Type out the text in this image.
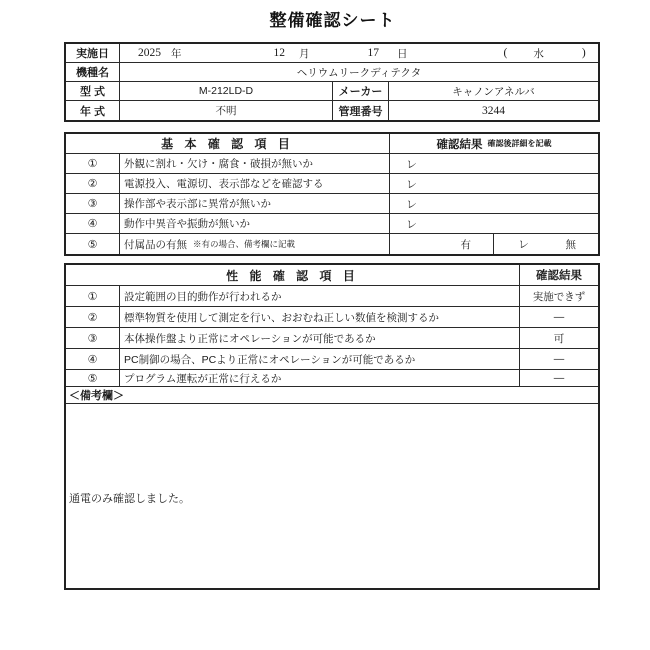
整備確認シート
実施日	2025 年	12 月	17 日	( 水	)
機種名	ヘリウムリークディテクタ
型 式	M-212LD-D	メーカー	キャノンアネルバ
年 式	不明	管理番号	3244
基 本 確 認 項 目	確認結果 確認後詳細を記載
①	外観に割れ・欠け・腐食・破損が無いか	レ
②	電源投入、電源切、表示部などを確認する	レ
③	操作部や表示部に異常が無いか	レ
④	動作中異音や振動が無いか	レ
⑤	付属品の有無 ※有の場合、備考欄に記載	有	レ	無
性 能 確 認 項 目	確認結果
①	設定範囲の目的動作が行われるか	実施できず
②	標準物質を使用して測定を行い、おおむね正しい数値を検測するか	―
③	本体操作盤より正常にオペレーションが可能であるか	可
④	PC制御の場合、PCより正常にオペレーションが可能であるか	―
⑤	プログラム運転が正常に行えるか	―
＜備考欄＞
通電のみ確認しました。
